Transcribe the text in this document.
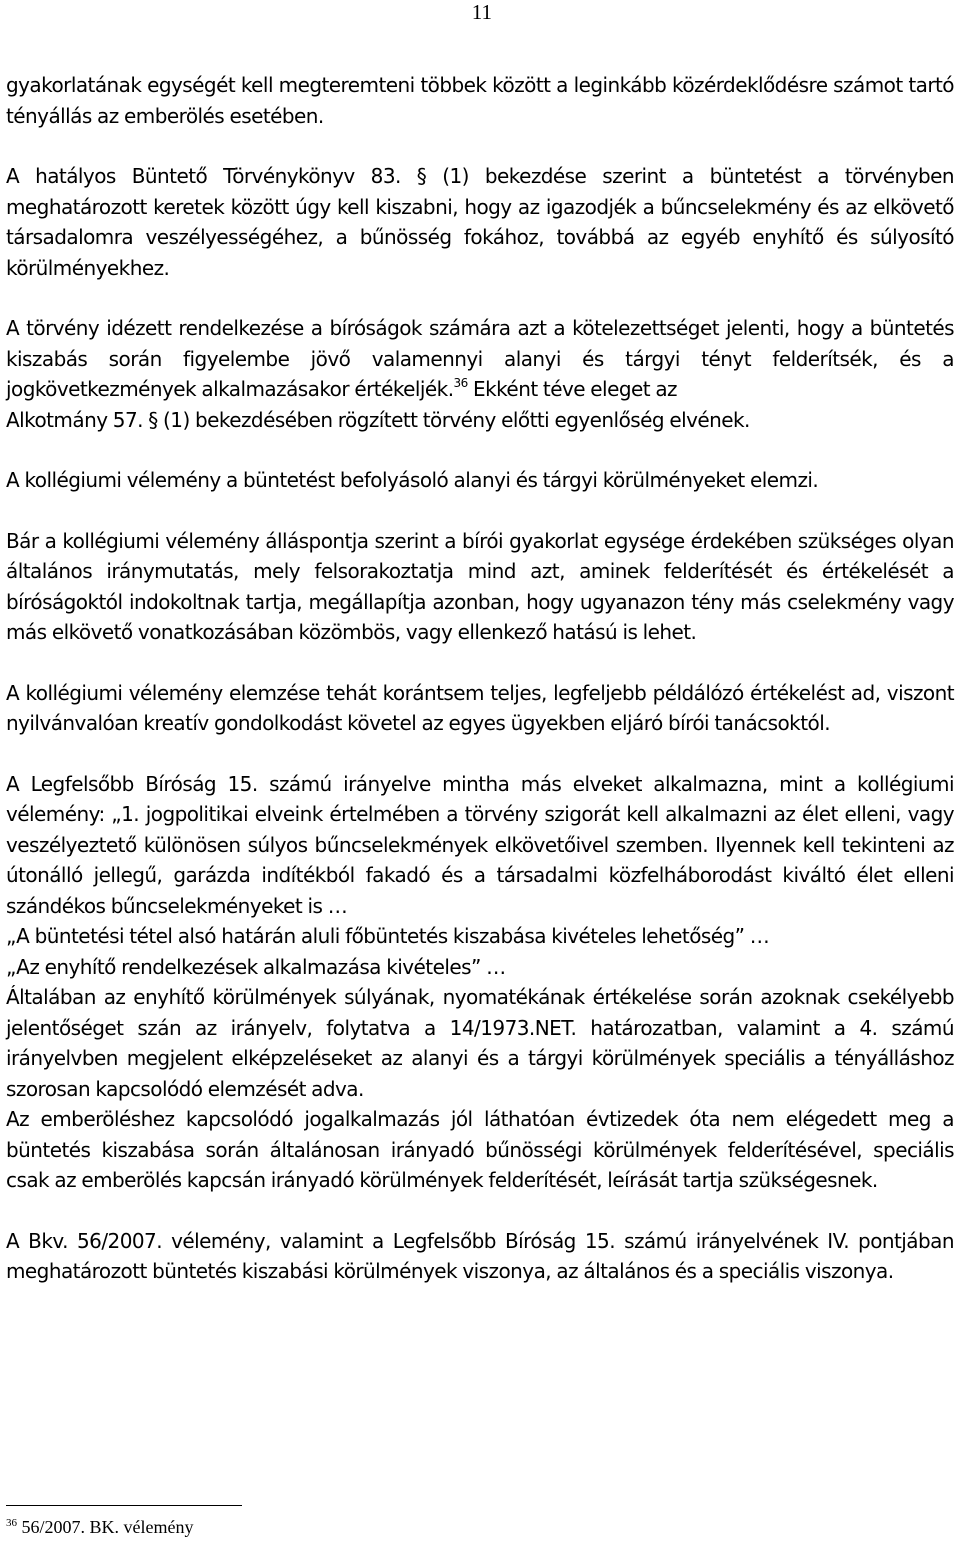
11

gyakorlatának egységét kell megteremteni többek között a leginkább közérdeklődésre számot tartó tényállás az emberölés esetében.

A hatályos Büntető Törvénykönyv 83. § (1) bekezdése szerint a büntetést a törvényben meghatározott keretek között úgy kell kiszabni, hogy az igazodjék a bűncselekmény és az elkövető társadalomra veszélyességéhez, a bűnösség fokához, továbbá az egyéb enyhítő és súlyosító körülményekhez.

A törvény idézett rendelkezése a bíróságok számára azt a kötelezettséget jelenti, hogy a büntetés kiszabás során figyelembe jövő valamennyi alanyi és tárgyi tényt felderítsék, és a jogkövetkezmények alkalmazásakor értékeljék.$^{36}$ Ekként téve eleget az

Alkotmány 57. § (1) bekezdésében rögzített törvény előtti egyenlőség elvének.

A kollégiumi vélemény a büntetést befolyásoló alanyi és tárgyi körülményeket elemzi.

Bár a kollégiumi vélemény álláspontja szerint a bírói gyakorlat egysége érdekében szükséges olyan általános iránymutatás, mely felsorakoztatja mind azt, aminek felderítését és értékelését a bíróságoktól indokoltnak tartja, megállapítja azonban, hogy ugyanazon tény más cselekmény vagy más elkövető vonatkozásában közömbös, vagy ellenkező hatású is lehet.

A kollégiumi vélemény elemzése tehát korántsem teljes, legfeljebb példálózó értékelést ad, viszont nyilvánvalóan kreatív gondolkodást követel az egyes ügyekben eljáró bírói tanácsoktól.

A Legfelsőbb Bíróság 15. számú irányelve mintha más elveket alkalmazna, mint a kollégiumi vélemény: „1. jogpolitikai elveink értelmében a törvény szigorát kell alkalmazni az élet elleni, vagy veszélyeztető különösen súlyos bűncselekmények elkövetőivel szemben. Ilyennek kell tekinteni az útonálló jellegű, garázda indítékból fakadó és a társadalmi közfelháborodást kiváltó élet elleni szándékos bűncselekményeket is …

„A büntetési tétel alsó határán aluli főbüntetés kiszabása kivételes lehetőség” …

„Az enyhítő rendelkezések alkalmazása kivételes” …

Általában az enyhítő körülmények súlyának, nyomatékának értékelése során azoknak csekélyebb jelentőséget szán az irányelv, folytatva a 14/1973.NET. határozatban, valamint a 4. számú irányelvben megjelent elképzeléseket az alanyi és a tárgyi körülmények speciális a tényálláshoz szorosan kapcsolódó elemzését adva.

Az emberöléshez kapcsolódó jogalkalmazás jól láthatóan évtizedek óta nem elégedett meg a büntetés kiszabása során általánosan irányadó bűnösségi körülmények felderítésével, speciális csak az emberölés kapcsán irányadó körülmények felderítését, leírását tartja szükségesnek.

A Bkv. 56/2007. vélemény, valamint a Legfelsőbb Bíróság 15. számú irányelvének IV. pontjában meghatározott büntetés kiszabási körülmények viszonya, az általános és a speciális viszonya.

$^{36}$ 56/2007. BK. vélemény
